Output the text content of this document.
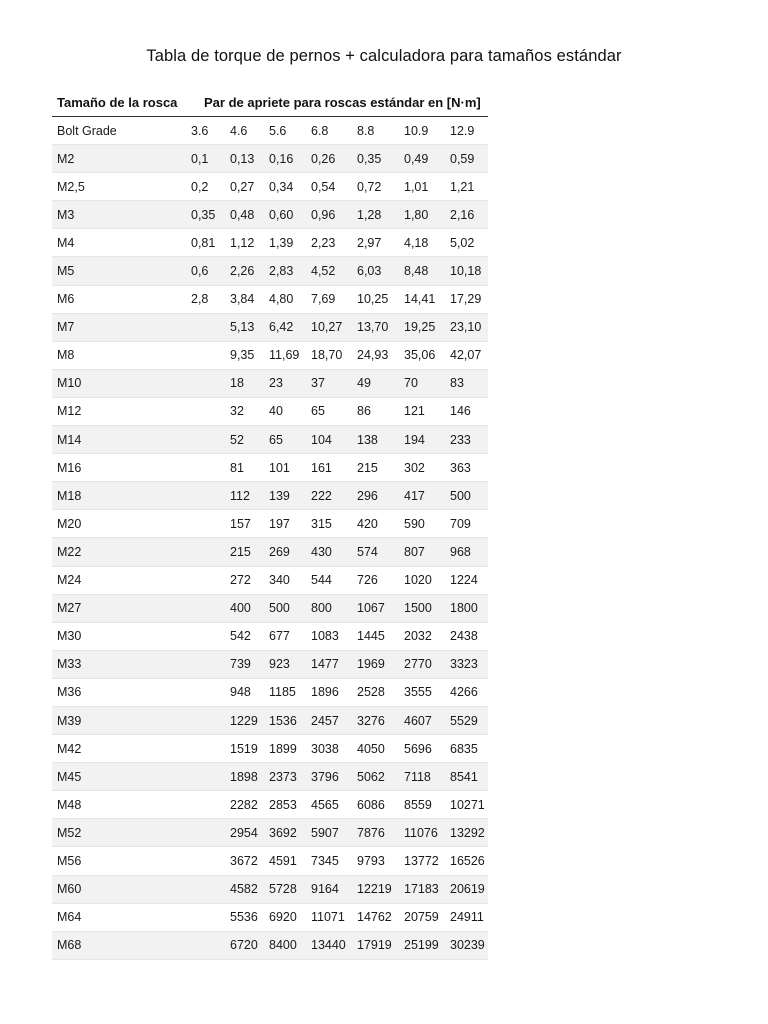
Tabla de torque de pernos + calculadora para tamaños estándar
Tamaño de la rosca	Par de apriete para roscas estándar en [N·m]						
Bolt Grade	3.6	4.6	5.6	6.8	8.8	10.9	12.9
M2	0,1	0,13	0,16	0,26	0,35	0,49	0,59
M2,5	0,2	0,27	0,34	0,54	0,72	1,01	1,21
M3	0,35	0,48	0,60	0,96	1,28	1,80	2,16
M4	0,81	1,12	1,39	2,23	2,97	4,18	5,02
M5	0,6	2,26	2,83	4,52	6,03	8,48	10,18
M6	2,8	3,84	4,80	7,69	10,25	14,41	17,29
M7		5,13	6,42	10,27	13,70	19,25	23,10
M8		9,35	11,69	18,70	24,93	35,06	42,07
M10		18	23	37	49	70	83
M12		32	40	65	86	121	146
M14		52	65	104	138	194	233
M16		81	101	161	215	302	363
M18		112	139	222	296	417	500
M20		157	197	315	420	590	709
M22		215	269	430	574	807	968
M24		272	340	544	726	1020	1224
M27		400	500	800	1067	1500	1800
M30		542	677	1083	1445	2032	2438
M33		739	923	1477	1969	2770	3323
M36		948	1185	1896	2528	3555	4266
M39		1229	1536	2457	3276	4607	5529
M42		1519	1899	3038	4050	5696	6835
M45		1898	2373	3796	5062	7118	8541
M48		2282	2853	4565	6086	8559	10271
M52		2954	3692	5907	7876	11076	13292
M56		3672	4591	7345	9793	13772	16526
M60		4582	5728	9164	12219	17183	20619
M64		5536	6920	11071	14762	20759	24911
M68		6720	8400	13440	17919	25199	30239
